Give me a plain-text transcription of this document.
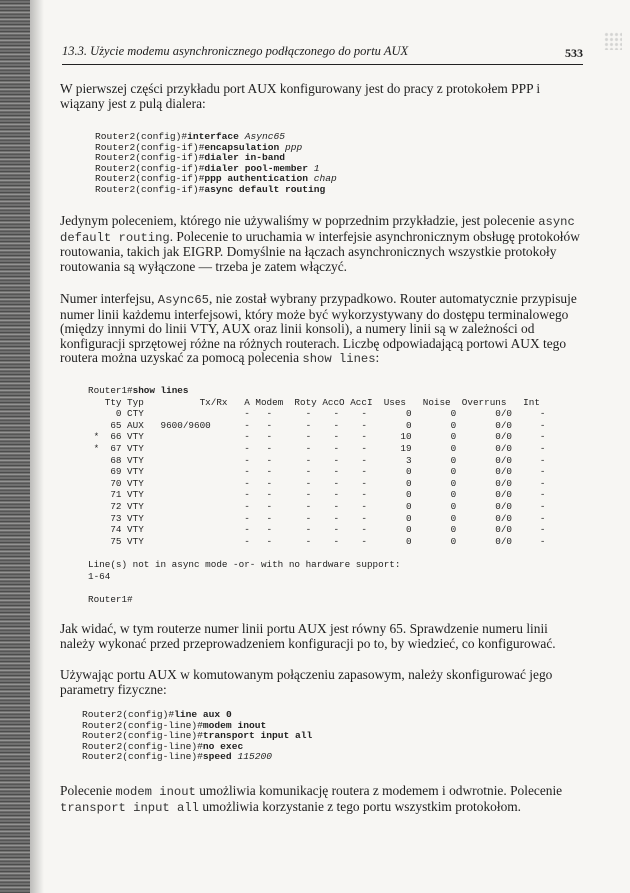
13.3. Użycie modemu asynchronicznego podłączonego do portu AUX	533

W pierwszej części przykładu port AUX konfigurowany jest do pracy z protokołem PPP i wiązany jest z pulą dialera:

Router2(config)#interface Async65
Router2(config-if)#encapsulation ppp
Router2(config-if)#dialer in-band
Router2(config-if)#dialer pool-member 1
Router2(config-if)#ppp authentication chap
Router2(config-if)#async default routing

Jedynym poleceniem, którego nie używaliśmy w poprzednim przykładzie, jest polecenie async default routing. Polecenie to uruchamia w interfejsie asynchronicznym obsługę protokołów routowania, takich jak EIGRP. Domyślnie na łączach asynchronicznych wszystkie protokoły routowania są wyłączone — trzeba je zatem włączyć.

Numer interfejsu, Async65, nie został wybrany przypadkowo. Router automatycznie przypisuje numer linii każdemu interfejsowi, który może być wykorzystywany do dostępu terminalowego (między innymi do linii VTY, AUX oraz linii konsoli), a numery linii są w zależności od konfiguracji sprzętowej różne na różnych routerach. Liczbę odpowiadającą portowi AUX tego routera można uzyskać za pomocą polecenia show lines:

Router1#show lines
Tty Typ          Tx/Rx   A Modem  Roty AccO AccI  Uses   Noise  Overruns   Int
0 CTY                  -   -      -    -    -       0       0       0/0     -
65 AUX   9600/9600      -   -      -    -    -       0       0       0/0     -
*  66 VTY                  -   -      -    -    -      10       0       0/0     -
*  67 VTY                  -   -      -    -    -      19       0       0/0     -
68 VTY                  -   -      -    -    -       3       0       0/0     -
69 VTY                  -   -      -    -    -       0       0       0/0     -
70 VTY                  -   -      -    -    -       0       0       0/0     -
71 VTY                  -   -      -    -    -       0       0       0/0     -
72 VTY                  -   -      -    -    -       0       0       0/0     -
73 VTY                  -   -      -    -    -       0       0       0/0     -
74 VTY                  -   -      -    -    -       0       0       0/0     -
75 VTY                  -   -      -    -    -       0       0       0/0     -

Line(s) not in async mode -or- with no hardware support:
1-64

Router1#

Jak widać, w tym routerze numer linii portu AUX jest równy 65. Sprawdzenie numeru linii należy wykonać przed przeprowadzeniem konfiguracji po to, by wiedzieć, co konfigurować.

Używając portu AUX w komutowanym połączeniu zapasowym, należy skonfigurować jego parametry fizyczne:

Router2(config)#line aux 0
Router2(config-line)#modem inout
Router2(config-line)#transport input all
Router2(config-line)#no exec
Router2(config-line)#speed 115200

Polecenie modem inout umożliwia komunikację routera z modemem i odwrotnie. Polecenie transport input all umożliwia korzystanie z tego portu wszystkim protokołom.
